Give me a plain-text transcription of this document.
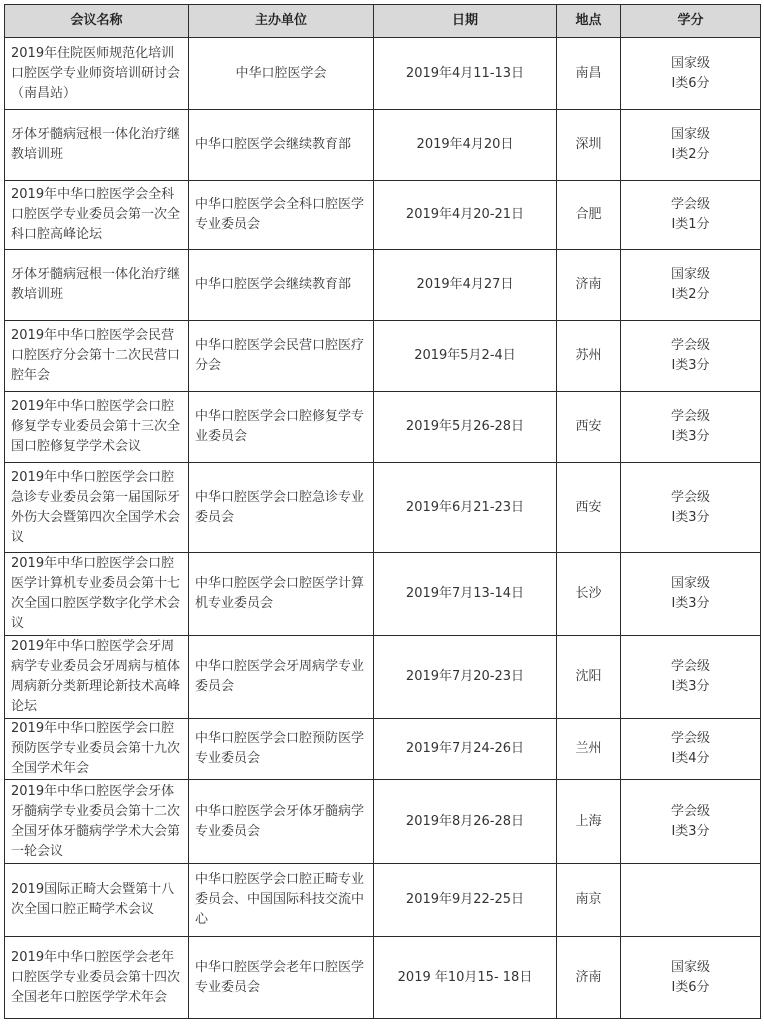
会议名称	主办单位	日期	地点	学分
2019年住院医师规范化培训口腔医学专业师资培训研讨会（南昌站）	中华口腔医学会	2019年4月11-13日	南昌	国家级
I类6分

牙体牙髓病冠根一体化治疗继教培训班	中华口腔医学会继续教育部	2019年4月20日	深圳	国家级
I类2分

2019年中华口腔医学会全科口腔医学专业委员会第一次全科口腔高峰论坛	中华口腔医学会全科口腔医学专业委员会	2019年4月20-21日	合肥	学会级
I类1分

牙体牙髓病冠根一体化治疗继教培训班	中华口腔医学会继续教育部	2019年4月27日	济南	国家级
I类2分

2019年中华口腔医学会民营口腔医疗分会第十二次民营口腔年会	中华口腔医学会民营口腔医疗分会	2019年5月2-4日	苏州	学会级
I类3分

2019年中华口腔医学会口腔修复学专业委员会第十三次全国口腔修复学学术会议	中华口腔医学会口腔修复学专业委员会	2019年5月26-28日	西安	学会级
I类3分

2019年中华口腔医学会口腔急诊专业委员会第一届国际牙外伤大会暨第四次全国学术会议	中华口腔医学会口腔急诊专业委员会	2019年6月21-23日	西安	学会级
I类3分

2019年中华口腔医学会口腔医学计算机专业委员会第十七次全国口腔医学数字化学术会议	中华口腔医学会口腔医学计算机专业委员会	2019年7月13-14日	长沙	国家级
I类3分

2019年中华口腔医学会牙周病学专业委员会牙周病与植体周病新分类新理论新技术高峰论坛	中华口腔医学会牙周病学专业委员会	2019年7月20-23日	沈阳	学会级
I类3分

2019年中华口腔医学会口腔预防医学专业委员会第十九次全国学术年会	中华口腔医学会口腔预防医学专业委员会	2019年7月24-26日	兰州	学会级
I类4分

2019年中华口腔医学会牙体牙髓病学专业委员会第十二次全国牙体牙髓病学学术大会第一轮会议	中华口腔医学会牙体牙髓病学专业委员会	2019年8月26-28日	上海	学会级
I类3分

2019国际正畸大会暨第十八次全国口腔正畸学术会议	中华口腔医学会口腔正畸专业委员会、中国国际科技交流中心	2019年9月22-25日	南京	

2019年中华口腔医学会老年口腔医学专业委员会第十四次全国老年口腔医学学术年会	中华口腔医学会老年口腔医学专业委员会	2019 年10月15- 18日	济南	国家级
I类6分
